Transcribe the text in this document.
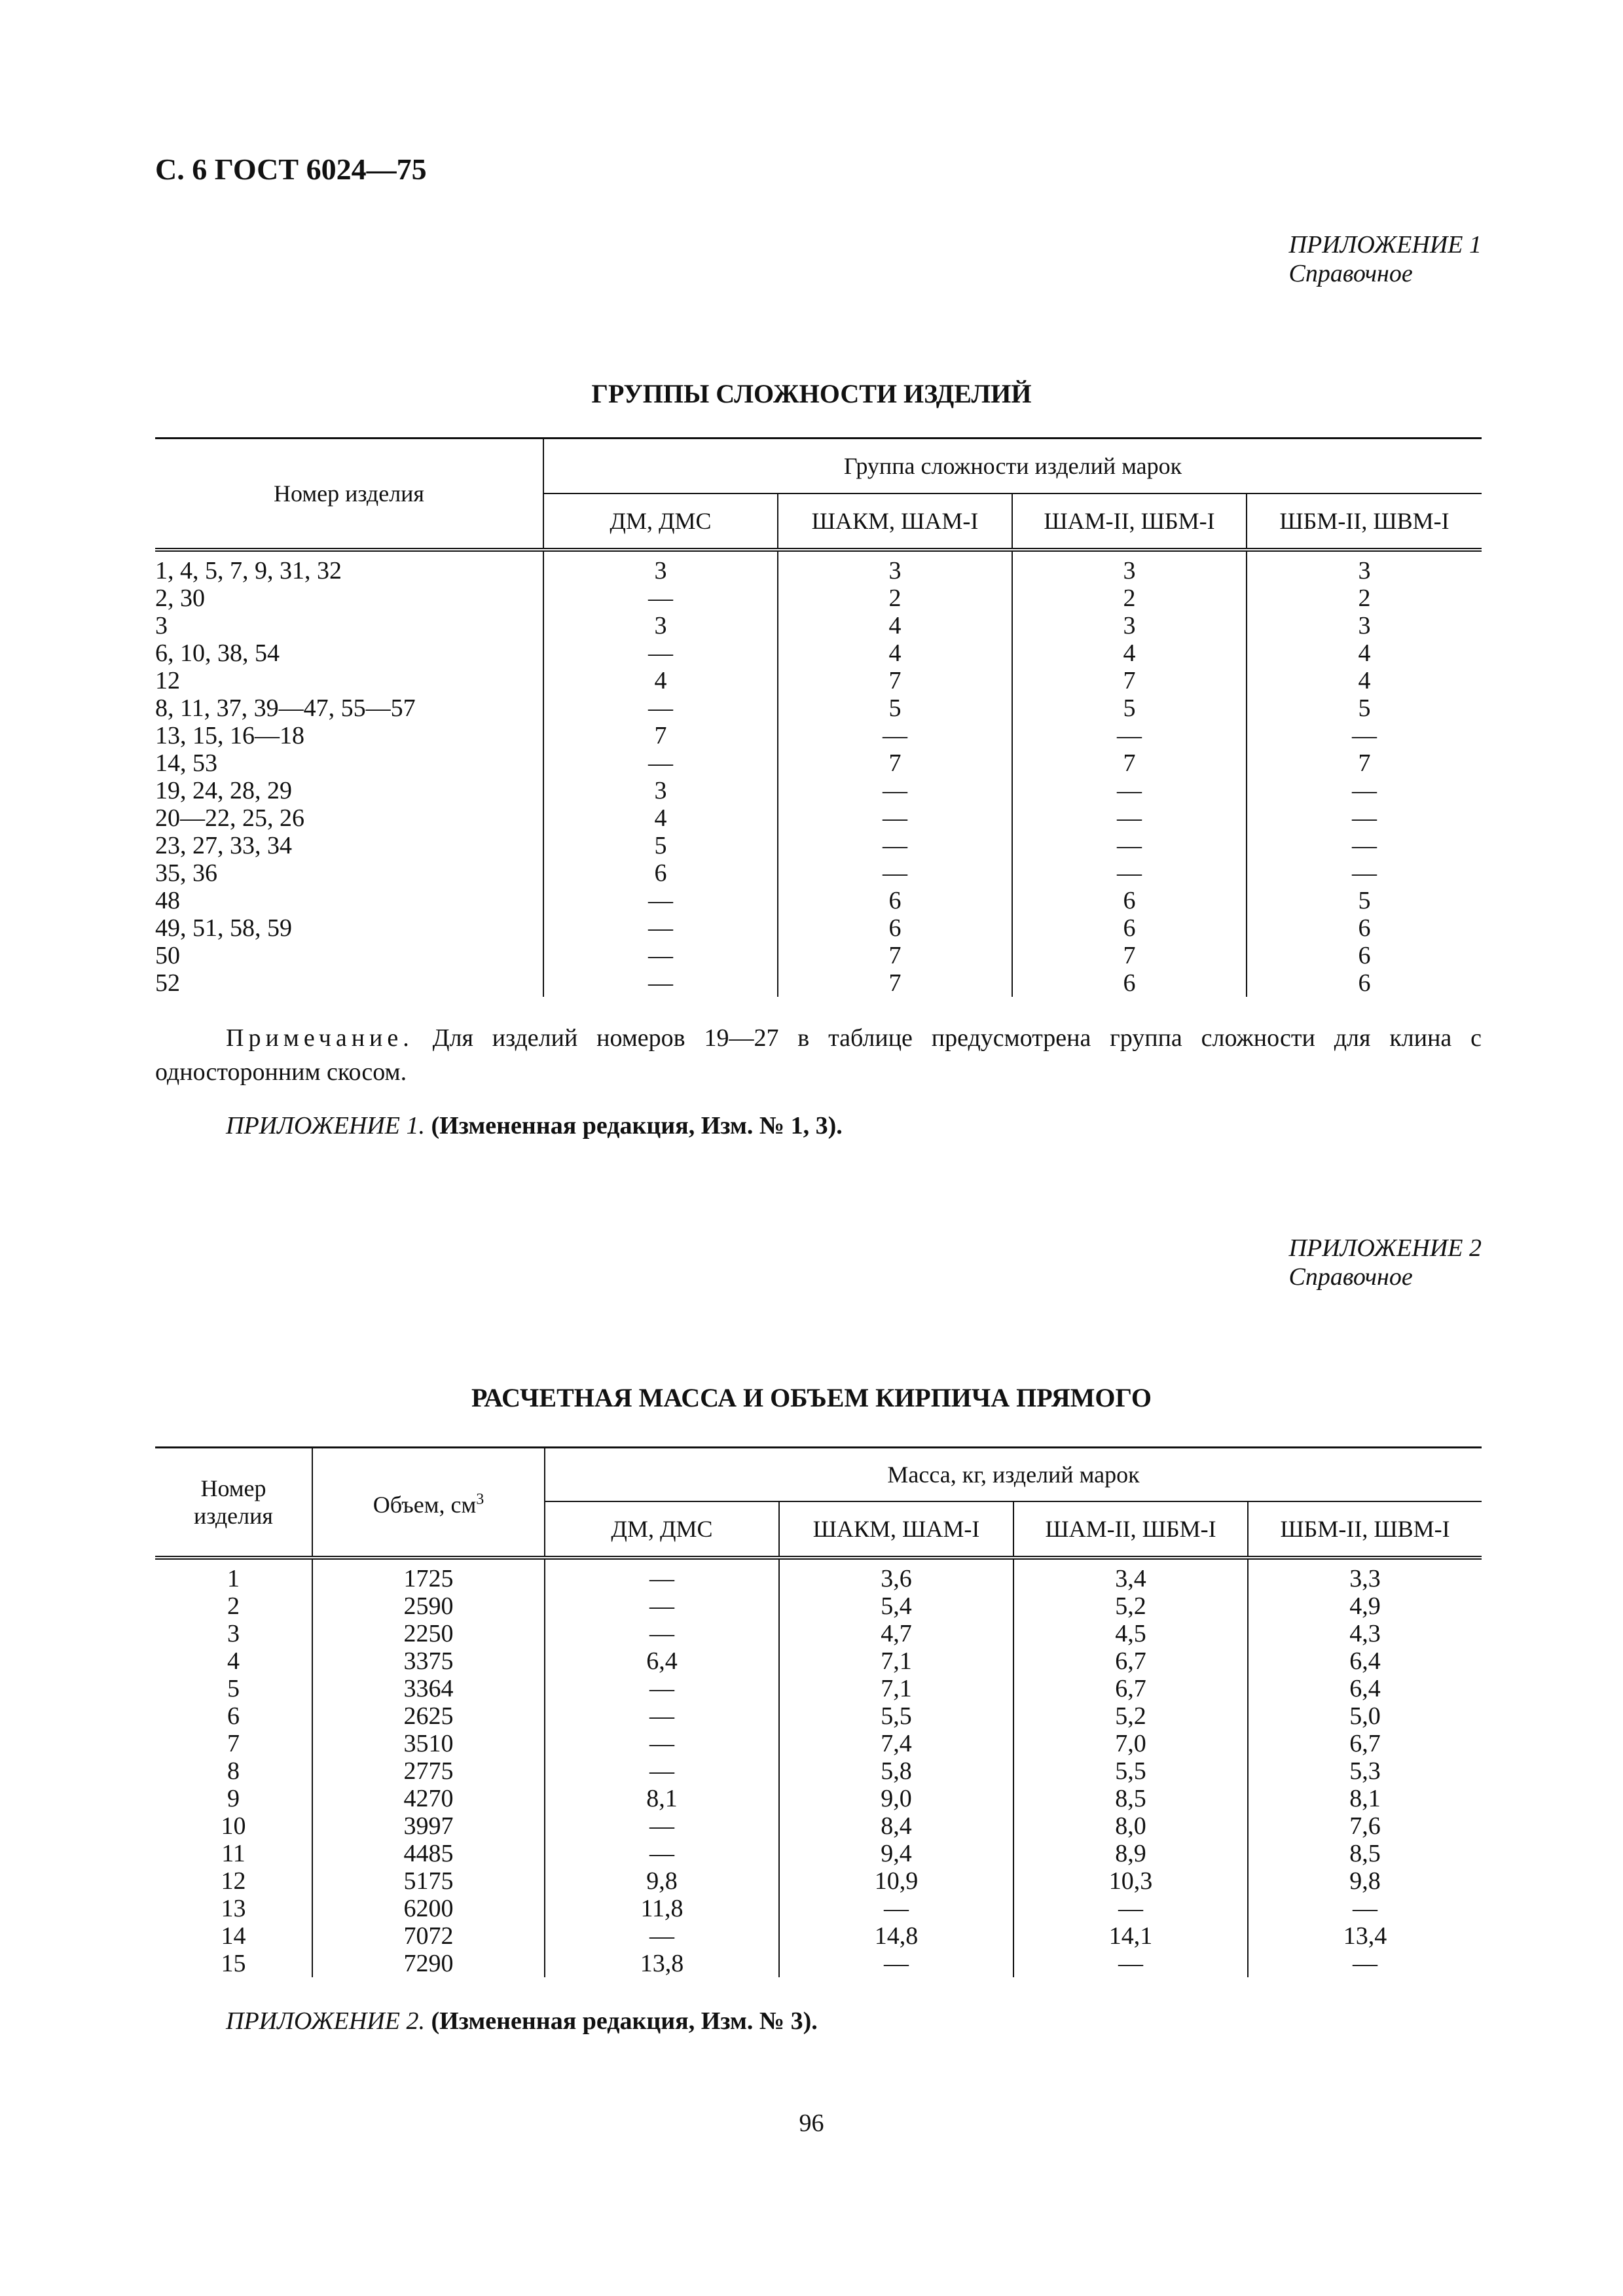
С. 6 ГОСТ 6024—75
ПРИЛОЖЕНИЕ 1
Справочное
ГРУППЫ СЛОЖНОСТИ ИЗДЕЛИЙ
Номер изделия	Группа сложности изделий марок			
	ДМ, ДМС	ШАКМ, ШАМ-I	ШАМ-II, ШБМ-I	ШБМ-II, ШВМ-I
1, 4, 5, 7, 9, 31, 32	3	3	3	3
2, 30	—	2	2	2
3	3	4	3	3
6, 10, 38, 54	—	4	4	4
12	4	7	7	4
8, 11, 37, 39—47, 55—57	—	5	5	5
13, 15, 16—18	7	—	—	—
14, 53	—	7	7	7
19, 24, 28, 29	3	—	—	—
20—22, 25, 26	4	—	—	—
23, 27, 33, 34	5	—	—	—
35, 36	6	—	—	—
48	—	6	6	5
49, 51, 58, 59	—	6	6	6
50	—	7	7	6
52	—	7	6	6
Примечание. Для изделий номеров 19—27 в таблице предусмотрена группа сложности для клина с односторонним скосом.
ПРИЛОЖЕНИЕ 1. (Измененная редакция, Изм. № 1, 3).
ПРИЛОЖЕНИЕ 2
Справочное
РАСЧЕТНАЯ МАССА И ОБЪЕМ КИРПИЧА ПРЯМОГО
Номер
изделия	Объем, $см^3$	Масса, кг, изделий марок			
		ДМ, ДМС	ШАКМ, ШАМ-I	ШАМ-II, ШБМ-I	ШБМ-II, ШВМ-I
1	1725	—	3,6	3,4	3,3
2	2590	—	5,4	5,2	4,9
3	2250	—	4,7	4,5	4,3
4	3375	6,4	7,1	6,7	6,4
5	3364	—	7,1	6,7	6,4
6	2625	—	5,5	5,2	5,0
7	3510	—	7,4	7,0	6,7
8	2775	—	5,8	5,5	5,3
9	4270	8,1	9,0	8,5	8,1
10	3997	—	8,4	8,0	7,6
11	4485	—	9,4	8,9	8,5
12	5175	9,8	10,9	10,3	9,8
13	6200	11,8	—	—	—
14	7072	—	14,8	14,1	13,4
15	7290	13,8	—	—	—
ПРИЛОЖЕНИЕ 2. (Измененная редакция, Изм. № 3).
96
